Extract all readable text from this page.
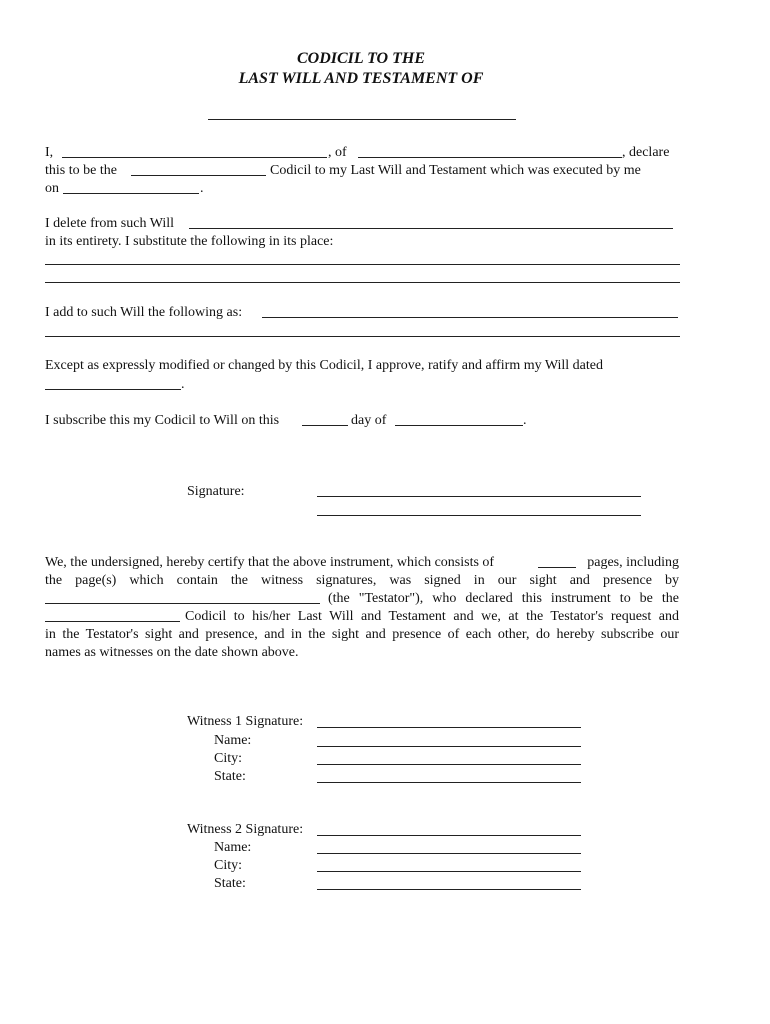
CODICIL TO THE
LAST WILL AND TESTAMENT OF
I,	, of	, declare
this to be the	Codicil to my Last Will and Testament which was executed by me
on	.
I delete from such Will
in its entirety. I substitute the following in its place:
I add to such Will the following as:
Except as expressly modified or changed by this Codicil, I approve, ratify and affirm my Will dated
.
I subscribe this my Codicil to Will on this	day of	.
Signature:
We, the undersigned, hereby certify that the above instrument, which consists of	pages, including
the page(s) which contain the witness signatures, was signed in our sight and presence by
(the "Testator"), who declared this instrument to be the
Codicil to his/her Last Will and Testament and we, at the Testator's request and
in the Testator's sight and presence, and in the sight and presence of each other, do hereby subscribe our
names as witnesses on the date shown above.
Witness 1 Signature:
Name:
City:
State:
Witness 2 Signature:
Name:
City:
State:
